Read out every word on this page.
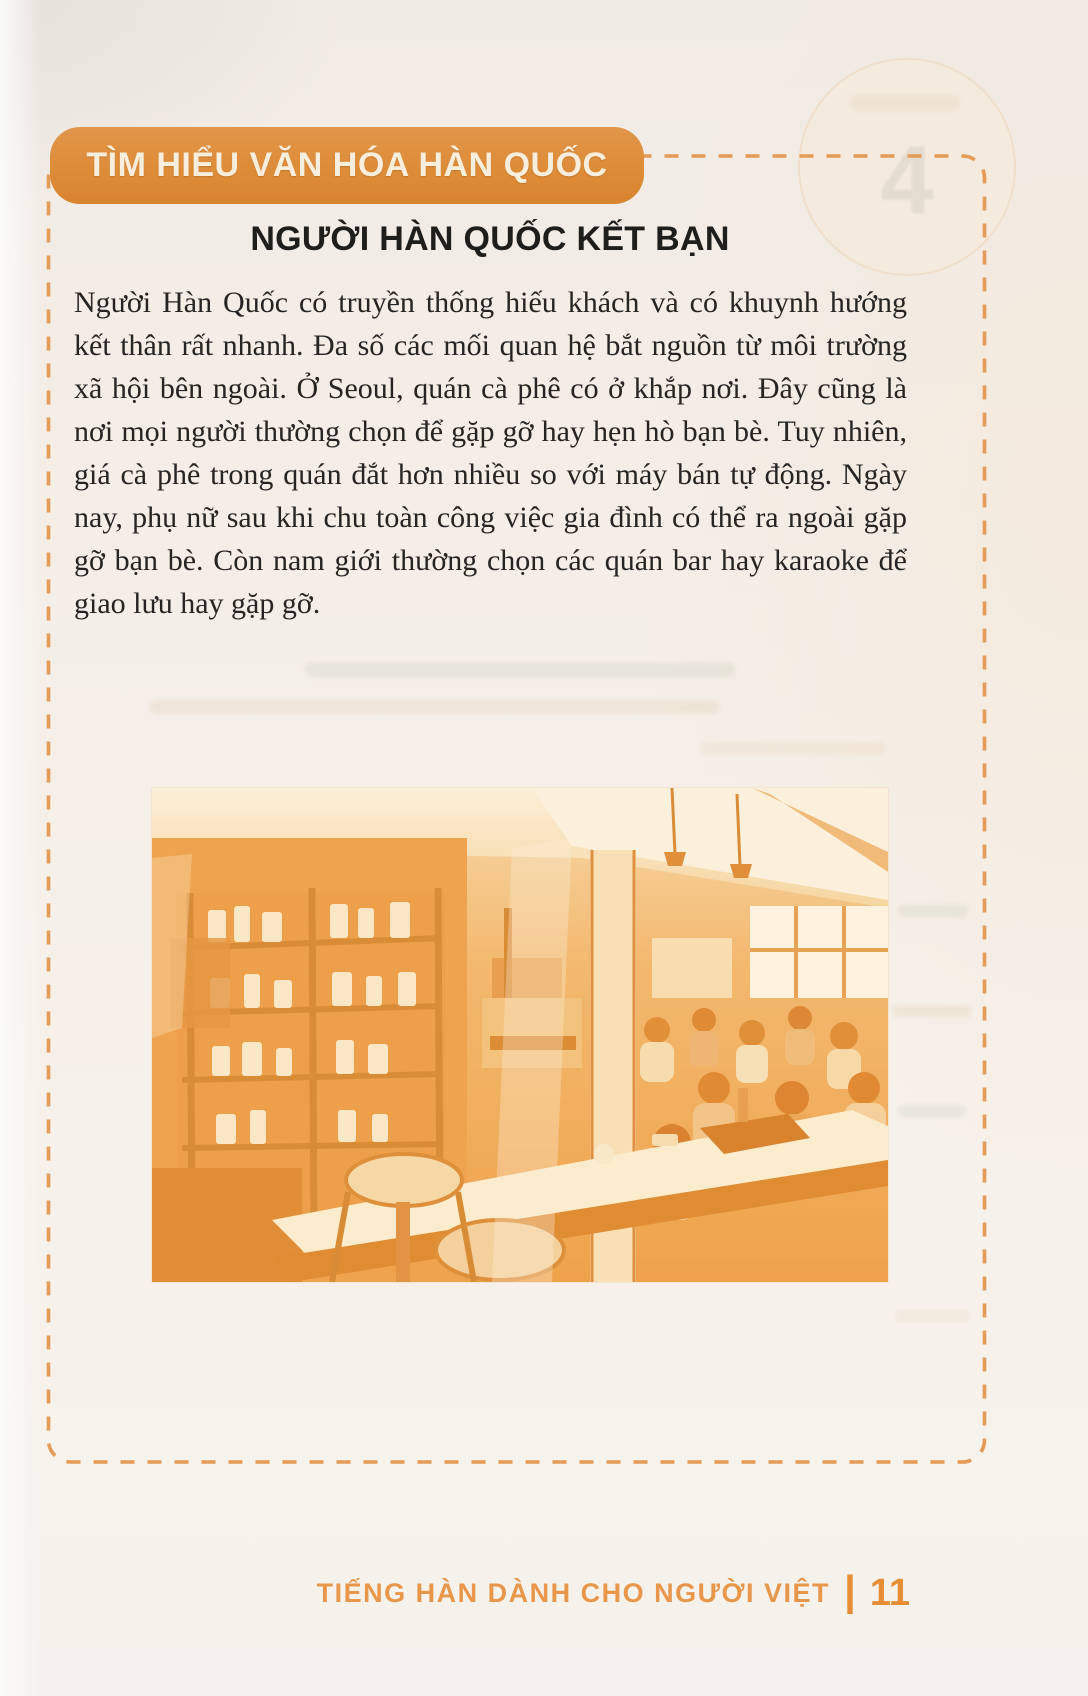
4
TÌM HIỂU VĂN HÓA HÀN QUỐC
NGƯỜI HÀN QUỐC KẾT BẠN
Người Hàn Quốc có truyền thống hiếu khách và có khuynh hướng kết thân rất nhanh. Đa số các mối quan hệ bắt nguồn từ môi trường xã hội bên ngoài. Ở Seoul, quán cà phê có ở khắp nơi. Đây cũng là nơi mọi người thường chọn để gặp gỡ hay hẹn hò bạn bè. Tuy nhiên, giá cà phê trong quán đắt hơn nhiều so với máy bán tự động. Ngày nay, phụ nữ sau khi chu toàn công việc gia đình có thể ra ngoài gặp gỡ bạn bè. Còn nam giới thường chọn các quán bar hay karaoke để giao lưu hay gặp gỡ.
TIẾNG HÀN DÀNH CHO NGƯỜI VIỆT | 11
